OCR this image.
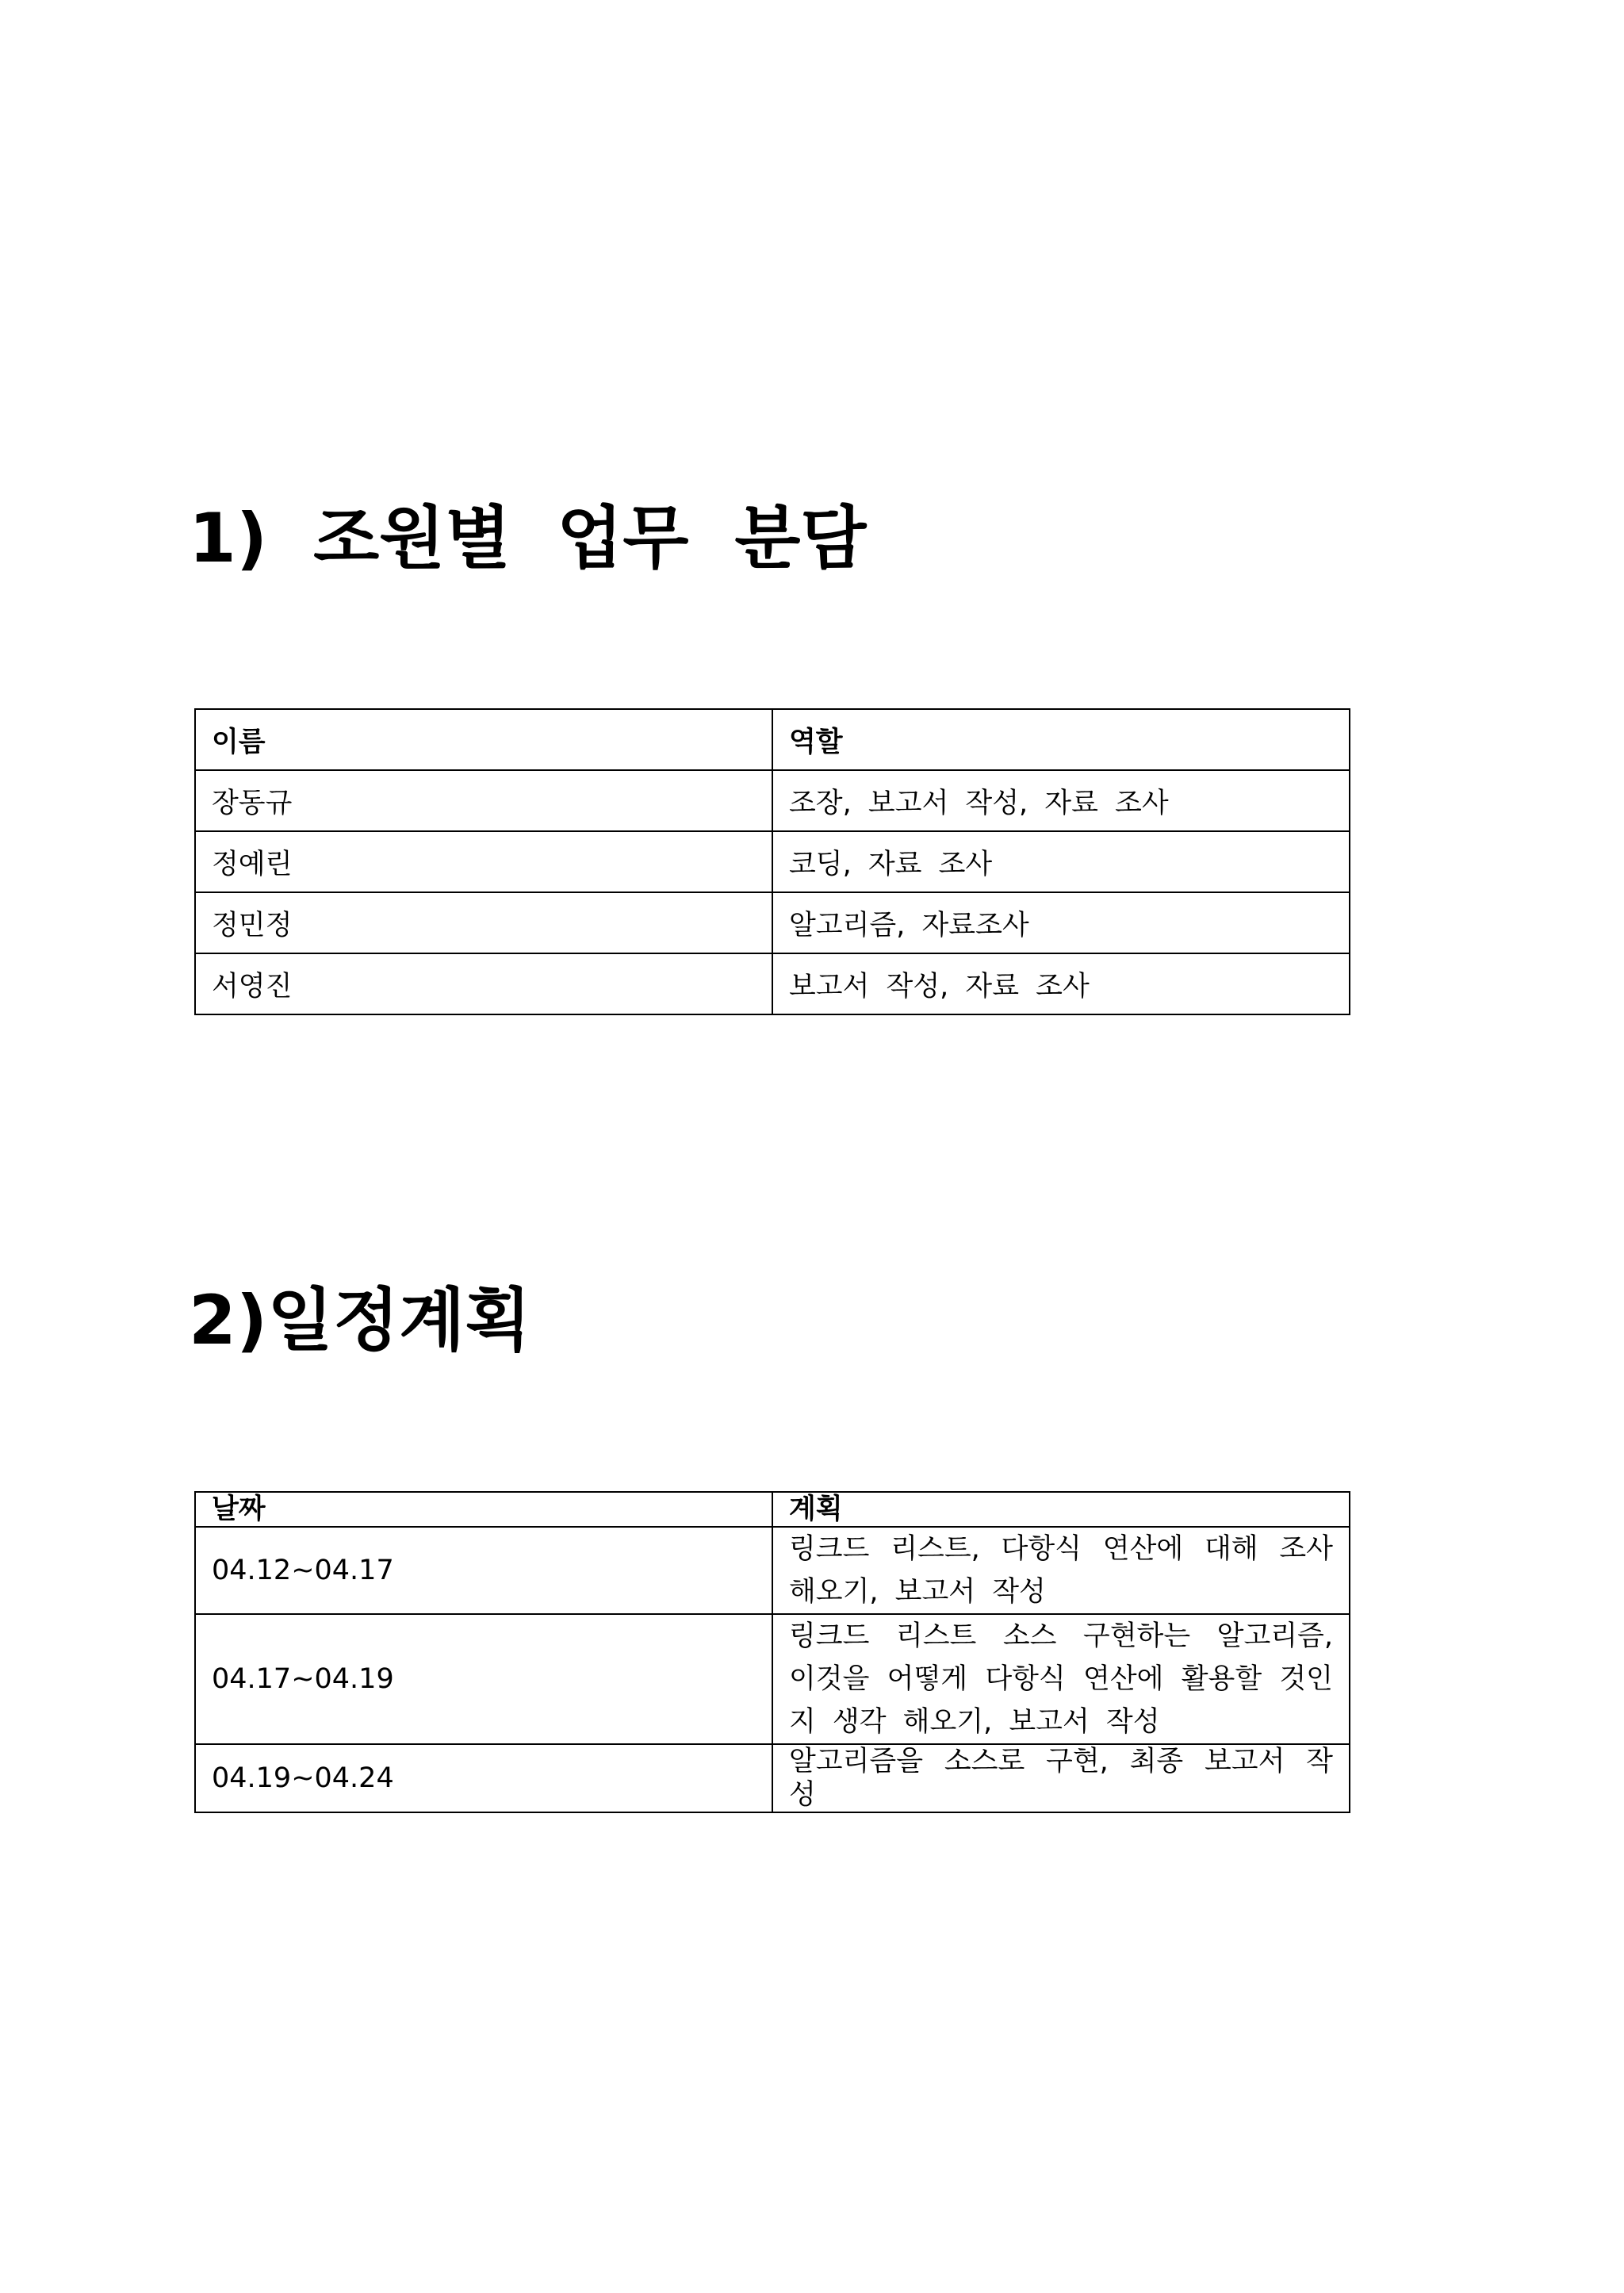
1) 조원별 업무 분담
이름	역할
장동규	조장, 보고서 작성, 자료 조사
정예린	코딩, 자료 조사
정민정	알고리즘, 자료조사
서영진	보고서 작성, 자료 조사
2)일정계획
날짜	계획
04.12~04.17	링크드 리스트, 다항식 연산에 대해 조사해오기, 보고서 작성
04.17~04.19	링크드 리스트 소스 구현하는 알고리즘, 이것을 어떻게 다항식 연산에 활용할 것인지 생각 해오기, 보고서 작성
04.19~04.24	알고리즘을 소스로 구현, 최종 보고서 작성
